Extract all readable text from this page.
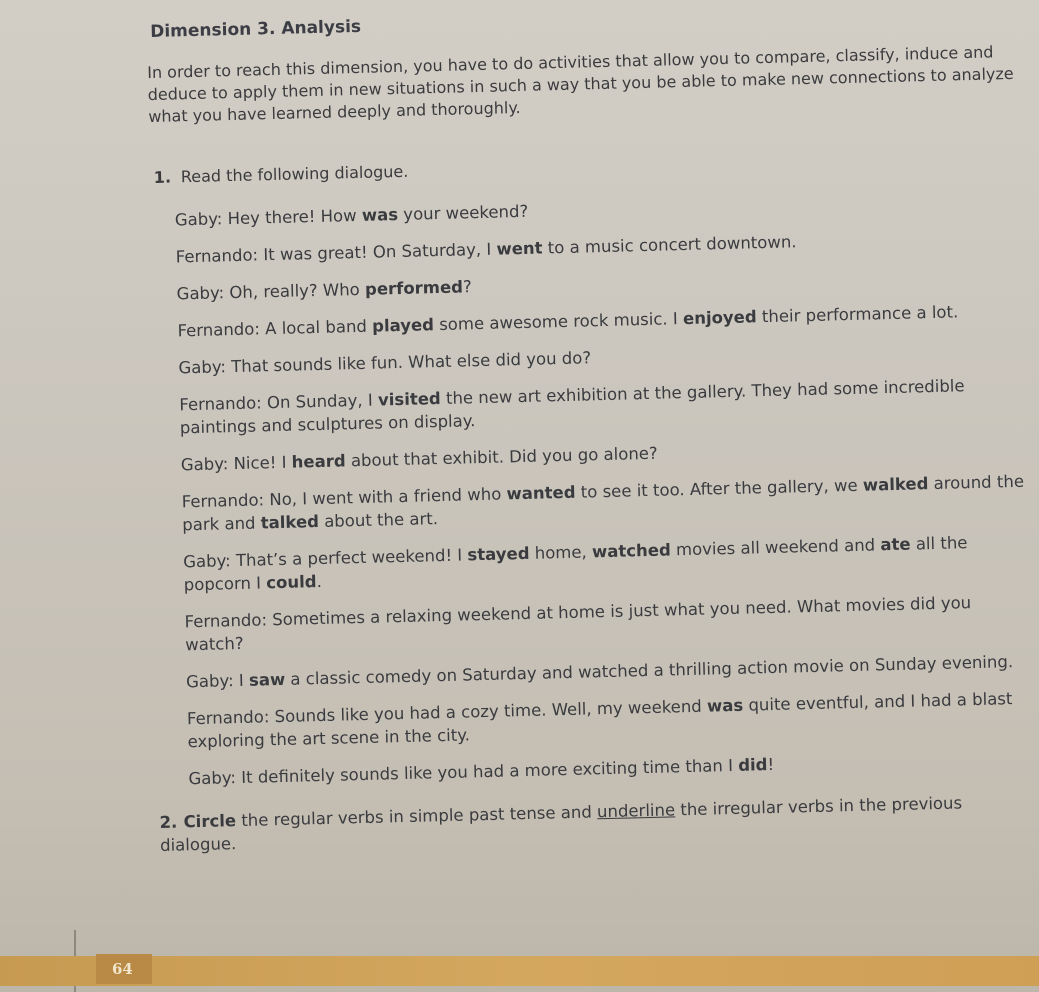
Dimension 3. Analysis
In order to reach this dimension, you have to do activities that allow you to compare, classify, induce and deduce to apply them in new situations in such a way that you be able to make new connections to analyze what you have learned deeply and thoroughly.
1. Read the following dialogue.
Gaby: Hey there! How was your weekend?
Fernando: It was great! On Saturday, I went to a music concert downtown.
Gaby: Oh, really? Who performed?
Fernando: A local band played some awesome rock music. I enjoyed their performance a lot.
Gaby: That sounds like fun. What else did you do?
Fernando: On Sunday, I visited the new art exhibition at the gallery. They had some incredible paintings and sculptures on display.
Gaby: Nice! I heard about that exhibit. Did you go alone?
Fernando: No, I went with a friend who wanted to see it too. After the gallery, we walked around the park and talked about the art.
Gaby: That’s a perfect weekend! I stayed home, watched movies all weekend and ate all the popcorn I could.
Fernando: Sometimes a relaxing weekend at home is just what you need. What movies did you watch?
Gaby: I saw a classic comedy on Saturday and watched a thrilling action movie on Sunday evening.
Fernando: Sounds like you had a cozy time. Well, my weekend was quite eventful, and I had a blast exploring the art scene in the city.
Gaby: It deﬁnitely sounds like you had a more exciting time than I did!
2. Circle the regular verbs in simple past tense and underline the irregular verbs in the previous dialogue.
64
